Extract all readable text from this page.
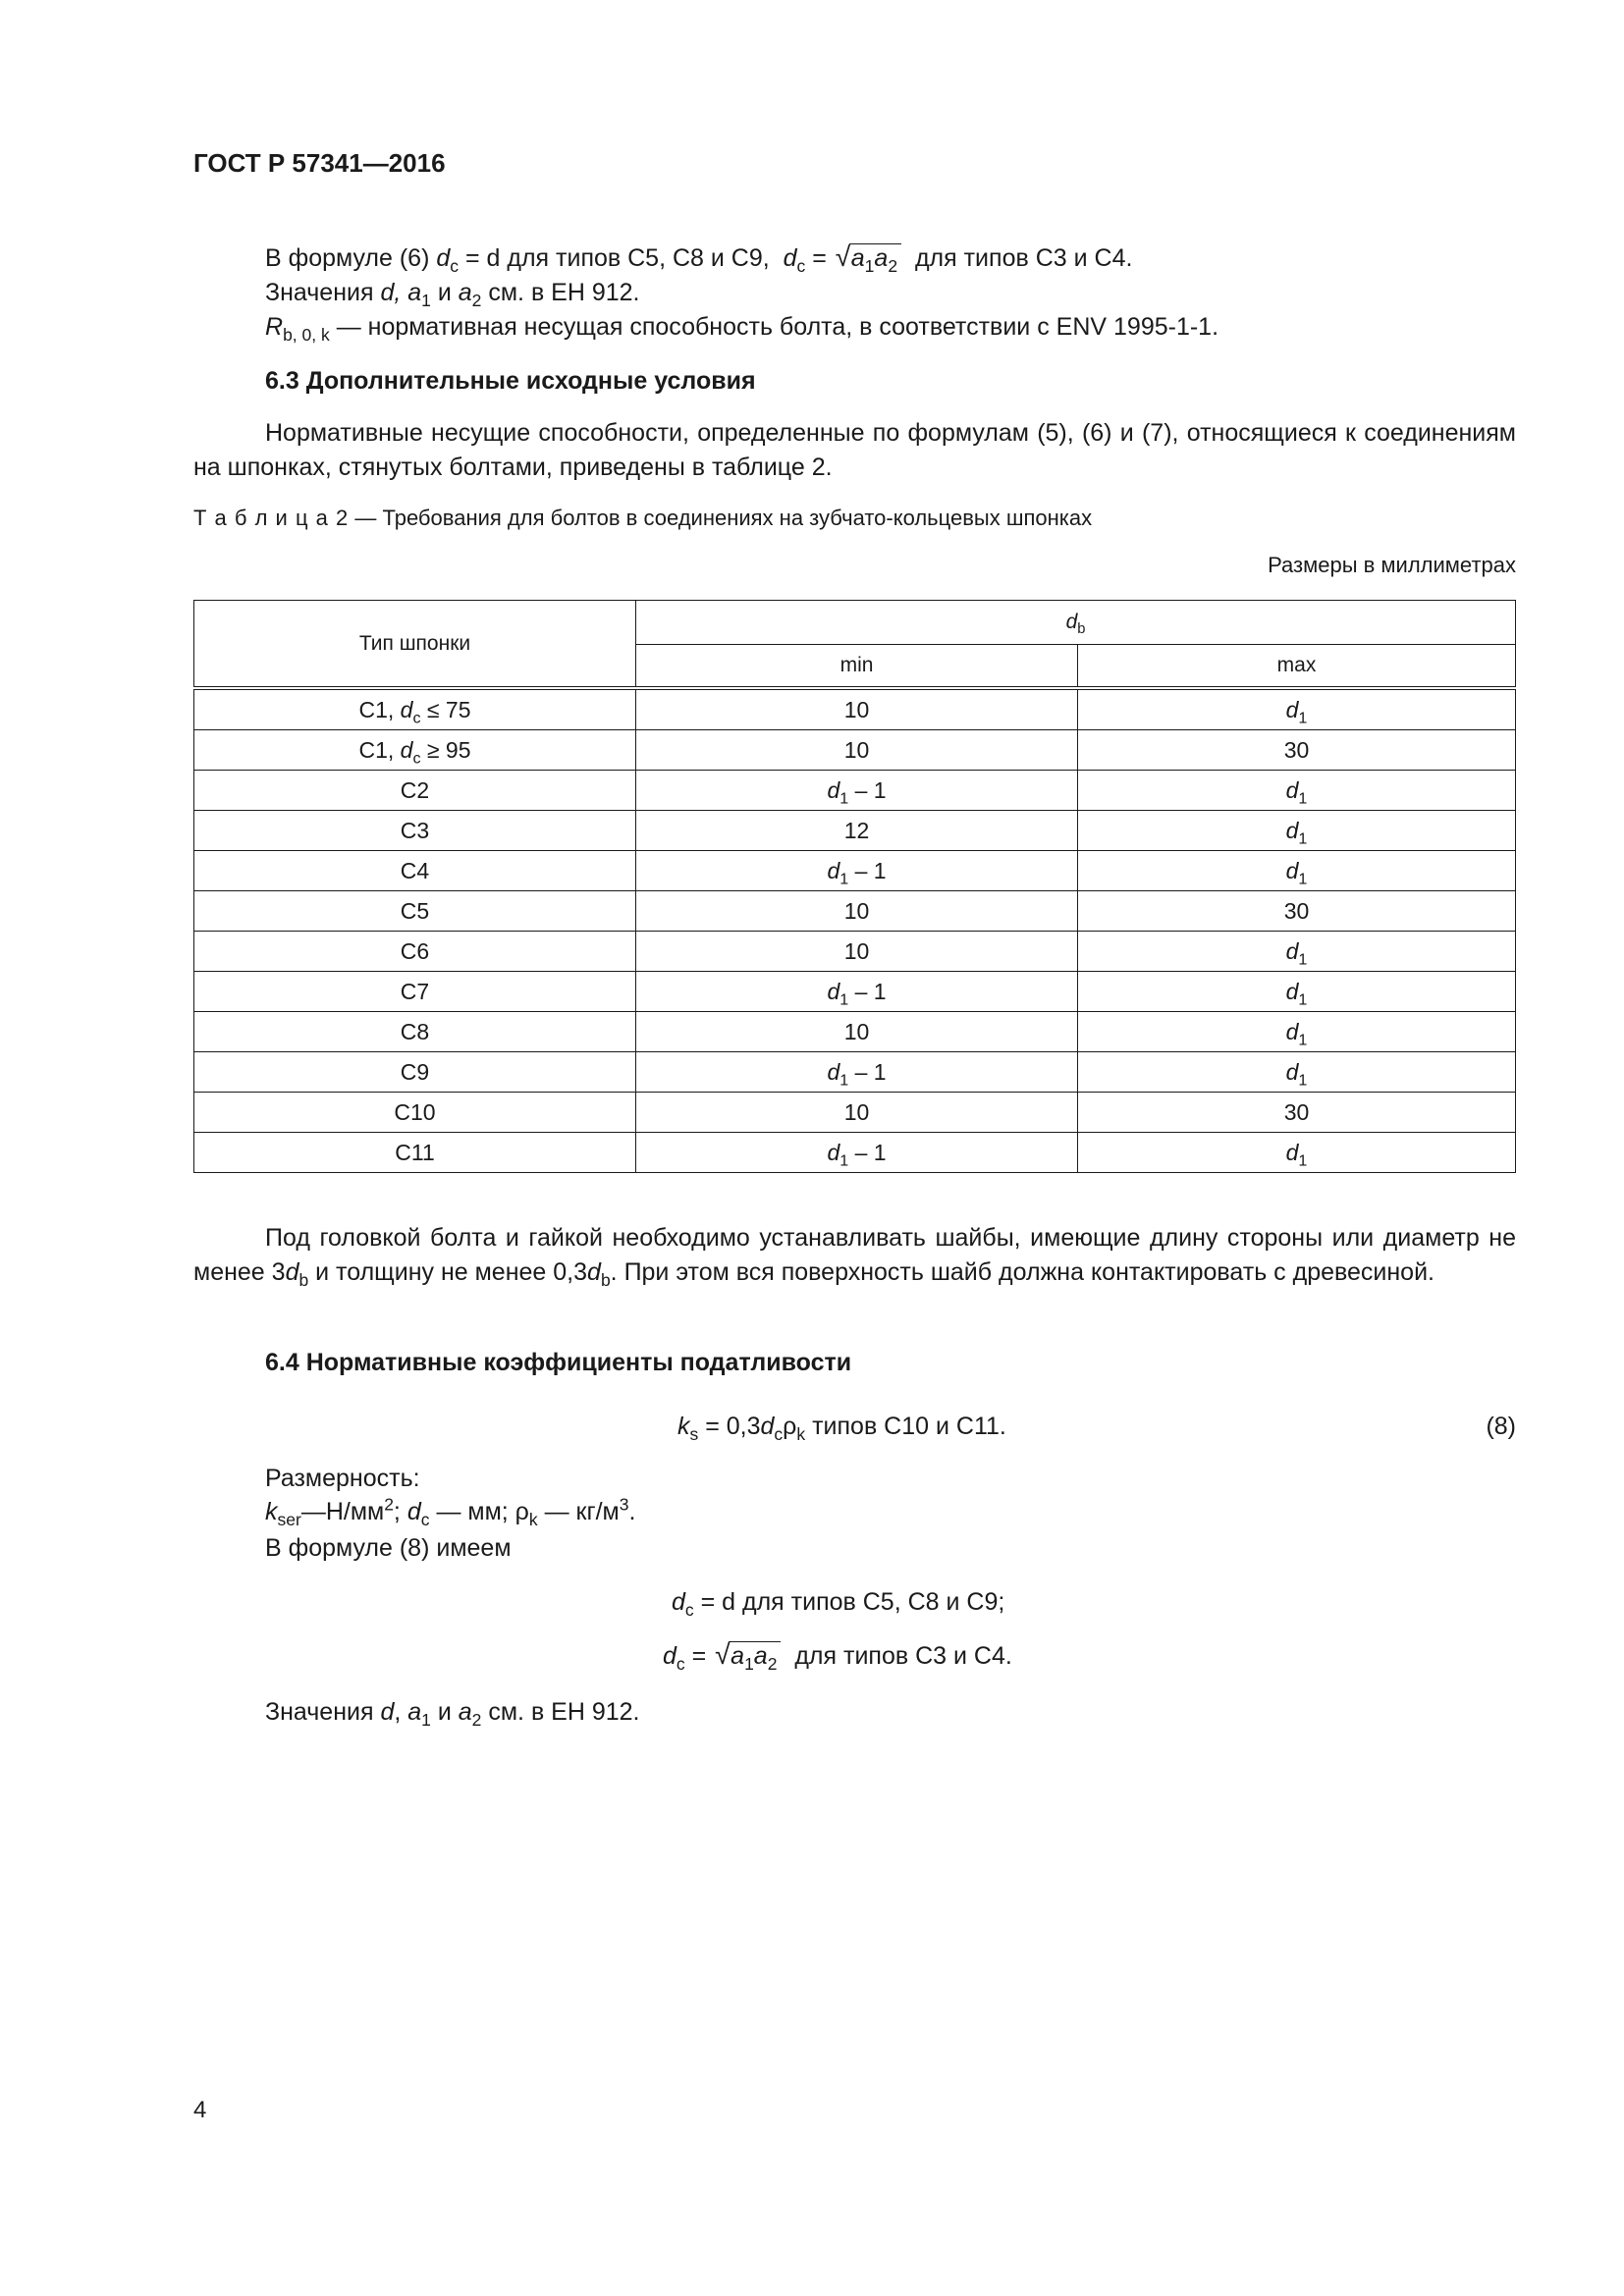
ГОСТ Р 57341—2016
В формуле (6) $d_c = d$ для типов С5, С8 и С9, $d_c$ = √ $a_1a_2$ для типов С3 и С4.
Значения d, $a_1$ и $a_2$ см. в ЕН 912.
$R_{b, 0, k}$ — нормативная несущая способность болта, в соответствии с ENV 1995-1-1.
6.3 Дополнительные исходные условия
Нормативные несущие способности, определенные по формулам (5), (6) и (7), относящиеся к соединениям на шпонках, стянутых болтами, приведены в таблице 2.
Т а б л и ц а 2 — Требования для болтов в соединениях на зубчато-кольцевых шпонках
Размеры в миллиметрах
Тип шпонки	$d_b$
	min	max
С1, $d_c \le 75$	10	$d_1$
С1, $d_c \ge 95$	10	30
С2	$d_1 - 1$	$d_1$
С3	12	$d_1$
С4	$d_1 - 1$	$d_1$
С5	10	30
С6	10	$d_1$
С7	$d_1 - 1$	$d_1$
С8	10	$d_1$
С9	$d_1 - 1$	$d_1$
С10	10	30
С11	$d_1 - 1$	$d_1$
Под головкой болта и гайкой необходимо устанавливать шайбы, имеющие длину стороны или диаметр не менее $3d_b$ и толщину не менее $0,3d_b$. При этом вся поверхность шайб должна контактировать с древесиной.
6.4 Нормативные коэффициенты податливости
$k_s = 0,3d_c\rho_k$ типов С10 и С11.	(8)
Размерность:
$k_{ser}—Н/мм^2$; $d_c$ — мм; $\rho_k$ — $кг/м^3$.
В формуле (8) имеем
$d_c = d$ для типов С5, С8 и С9;
$d_c$ = √ $a_1a_2$ для типов С3 и С4.
Значения d, $a_1$ и $a_2$ см. в ЕН 912.
4
